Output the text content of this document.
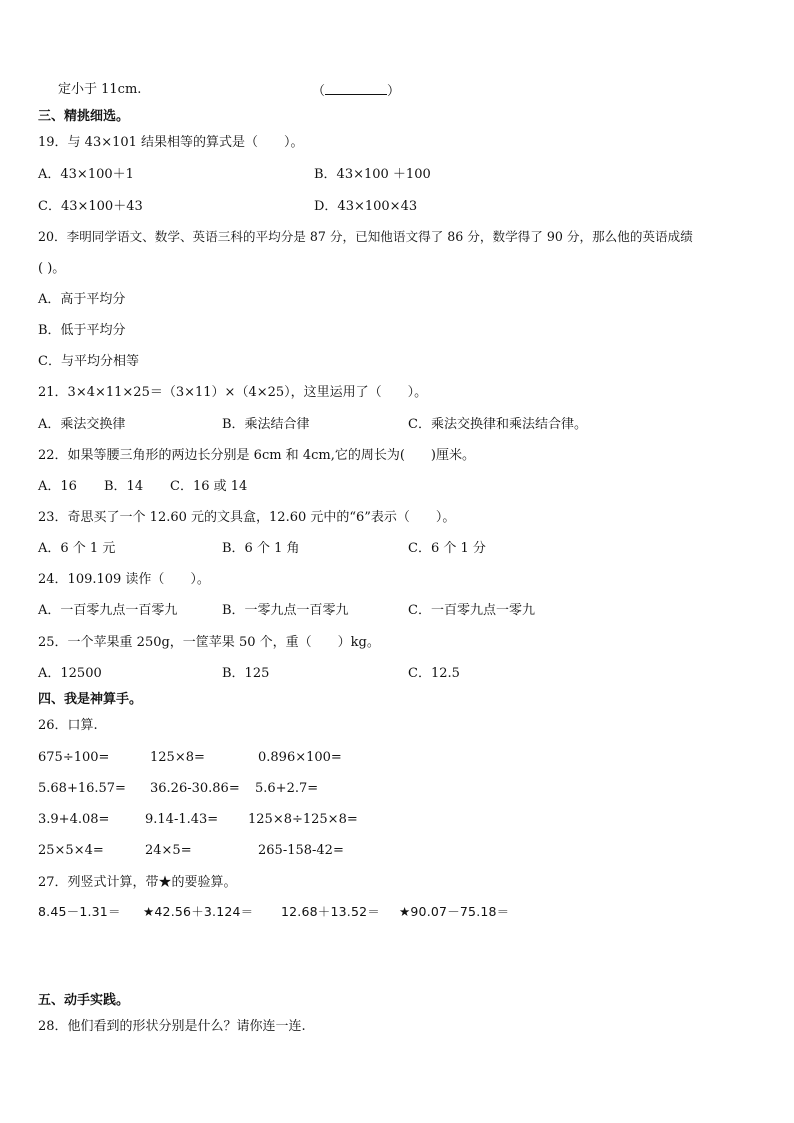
定小于 11cm.	（	）
三、精挑细选。
19．与 43×101 结果相等的算式是（　　）。
A．43×100＋1	B．43×100 ＋100
C．43×100＋43	D．43×100×43
20．李明同学语文、数学、英语三科的平均分是 87 分，已知他语文得了 86 分，数学得了 90 分，那么他的英语成绩
( )。
A．高于平均分
B．低于平均分
C．与平均分相等
21．3×4×11×25＝（3×11）×（4×25），这里运用了（　　）。
A．乘法交换律	B．乘法结合律	C．乘法交换律和乘法结合律。
22．如果等腰三角形的两边长分别是 6cm 和 4cm,它的周长为(　　)厘米。
A．16 B．14 C．16 或 14
23．奇思买了一个 12.60 元的文具盒，12.60 元中的“6”表示（　　）。
A．6 个 1 元	B．6 个 1 角	C．6 个 1 分
24．109.109 读作（　　）。
A．一百零九点一百零九	B．一零九点一百零九	C．一百零九点一零九
25．一个苹果重 250g，一筐苹果 50 个，重（　　）kg。
A．12500	B．125	C．12.5
四、我是神算手。
26．口算.
675÷100=	125×8=	0.896×100=
5.68+16.57= 36.26-30.86= 5.6+2.7=
3.9+4.08=	9.14-1.43= 125×8÷125×8=
25×5×4=	24×5=	265-158-42=
27．列竖式计算，带★的要验算。
8.45－1.31＝ ★42.56＋3.124＝ 12.68＋13.52＝ ★90.07－75.18＝
五、动手实践。
28．他们看到的形状分别是什么？请你连一连.
